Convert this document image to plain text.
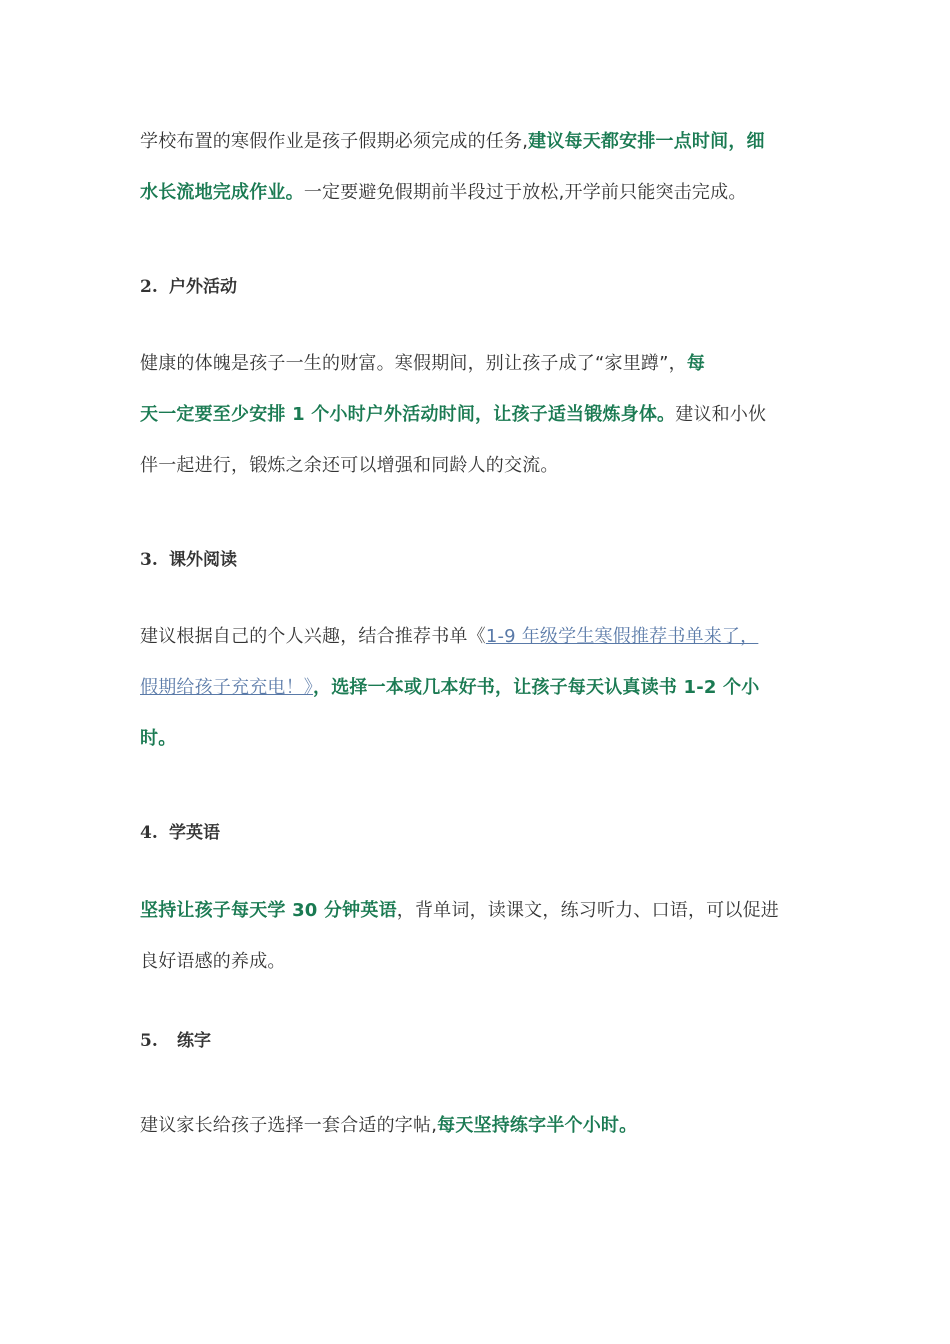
学校布置的寒假作业是孩子假期必须完成的任务,建议每天都安排一点时间，细
水长流地完成作业。一定要避免假期前半段过于放松,开学前只能突击完成。

2. 户外活动

健康的体魄是孩子一生的财富。寒假期间，别让孩子成了“家里蹲”，每
天一定要至少安排 1 个小时户外活动时间，让孩子适当锻炼身体。建议和小伙
伴一起进行，锻炼之余还可以增强和同龄人的交流。

3. 课外阅读

建议根据自己的个人兴趣，结合推荐书单《1-9 年级学生寒假推荐书单来了，
假期给孩子充充电！》，选择一本或几本好书，让孩子每天认真读书 1-2 个小
时。

4. 学英语

坚持让孩子每天学 30 分钟英语，背单词，读课文，练习听力、口语，可以促进
良好语感的养成。

5. 练字

建议家长给孩子选择一套合适的字帖,每天坚持练字半个小时。
